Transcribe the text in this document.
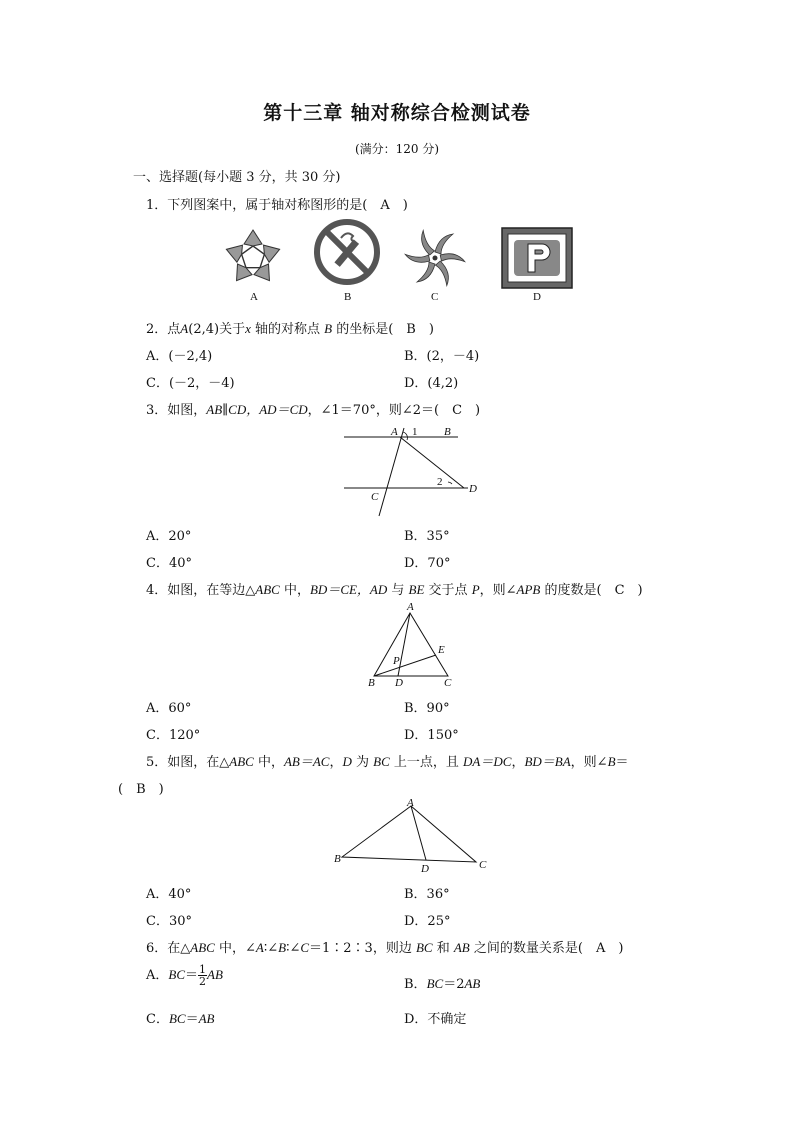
第十三章 轴对称综合检测试卷
(满分：120 分)
一、选择题(每小题 3 分，共 30 分)
1．下列图案中，属于轴对称图形的是(　A　)
A	B	C	D
2．点A(2,4)关于x 轴的对称点 B 的坐标是(　B　)
A．(－2,4)	B．(2，－4)
C．(－2，－4)	D．(4,2)
3．如图，AB∥CD，AD＝CD，∠1＝70°，则∠2＝(　C　)
A 1 B
2
D
C
A．20°	B．35°
C．40°	D．70°
4．如图，在等边△ABC 中，BD＝CE，AD 与 BE 交于点 P，则∠APB 的度数是(　C　)
A
E
P
B D	C
A．60°	B．90°
C．120°	D．150°
5．如图，在△ABC 中，AB＝AC，D 为 BC 上一点，且 DA＝DC，BD＝BA，则∠B＝
(　B　)
A
B
D	C
A．40°	B．36°
C．30°	D．25°
6．在△ABC 中，∠A∶∠B∶∠C＝1∶2∶3，则边 BC 和 AB 之间的数量关系是(　A　)
A．$BC= \frac{1}{2}$ AB
B．BC＝2AB
C．BC＝AB	D．不确定
